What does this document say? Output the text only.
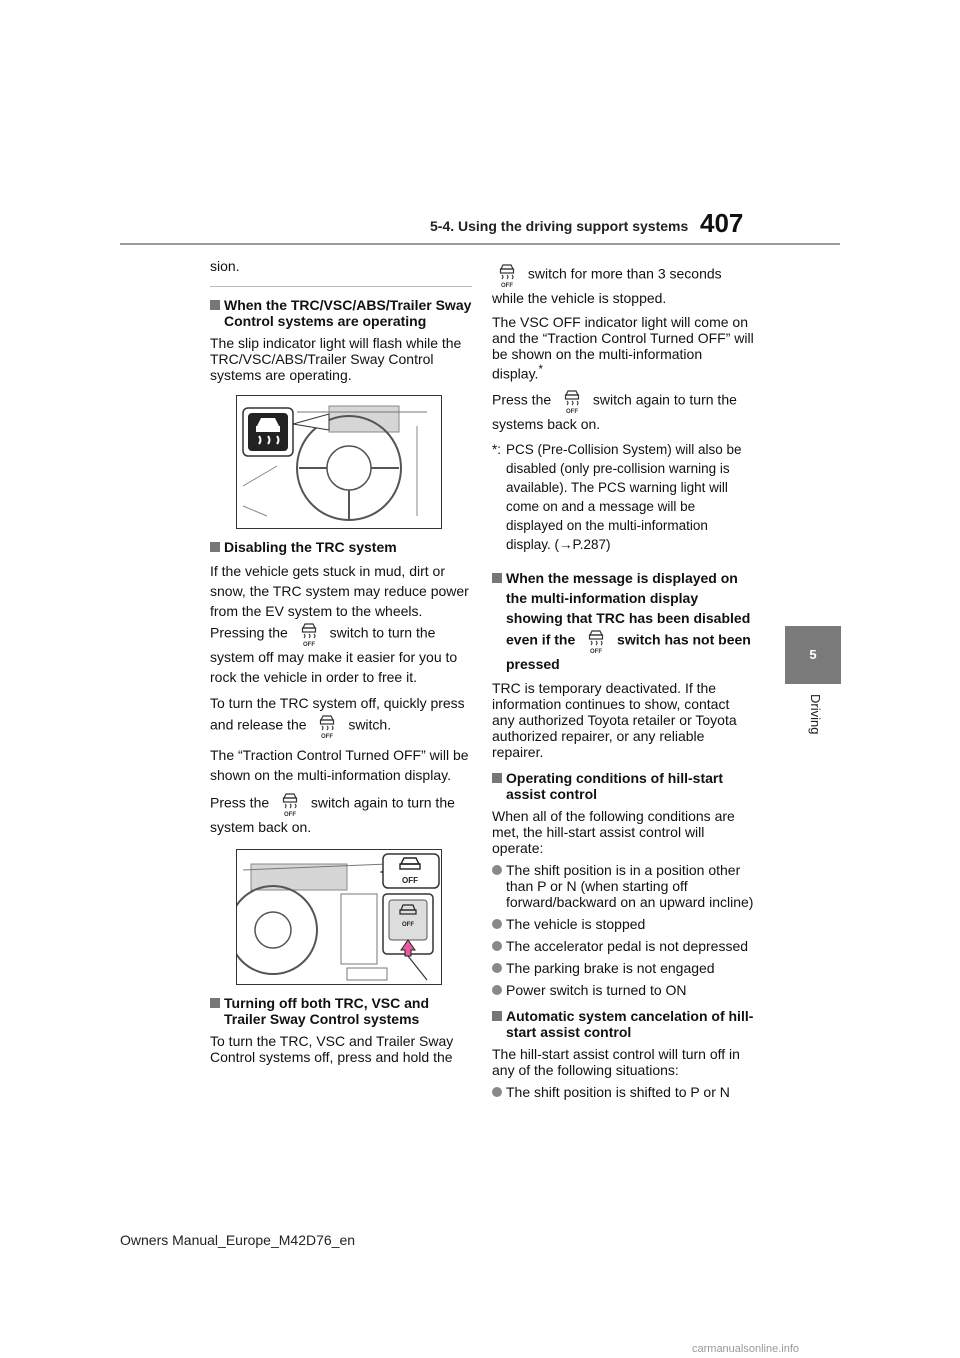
5-4. Using the driving support systems 407
5
Driving

sion.

When the TRC/VSC/ABS/Trailer Sway Control systems are operating

The slip indicator light will flash while the TRC/VSC/ABS/Trailer Sway Control systems are operating.

Disabling the TRC system

If the vehicle gets stuck in mud, dirt or snow, the TRC system may reduce power from the EV system to the wheels. Pressing the
OFF
switch to turn the system off may make it easier for you to rock the vehicle in order to free it.

To turn the TRC system off, quickly press and release the
OFF
switch.

The “Traction Control Turned OFF” will be shown on the multi-information display.

Press the
OFF
switch again to turn the system back on.

OFF
OFF
Turning off both TRC, VSC and Trailer Sway Control systems

To turn the TRC, VSC and Trailer Sway Control systems off, press and hold the

OFF
switch for more than 3 seconds while the vehicle is stopped.

The VSC OFF indicator light will come on and the “Traction Control Turned OFF” will be shown on the multi-information display.*

Press the
OFF
switch again to turn the systems back on.

*: PCS (Pre-Collision System) will also be disabled (only pre-collision warning is available). The PCS warning light will come on and a message will be displayed on the multi-information display. (→P.287)
When the message is displayed on the multi-information display showing that TRC has been disabled even if the
OFF
switch has not been pressed

TRC is temporary deactivated. If the information continues to show, contact any authorized Toyota retailer or Toyota authorized repairer, or any reliable repairer.

Operating conditions of hill-start assist control

When all of the following conditions are met, the hill-start assist control will operate:

The shift position is in a position other than P or N (when starting off forward/backward on an upward incline)
The vehicle is stopped
The accelerator pedal is not depressed
The parking brake is not engaged
Power switch is turned to ON
Automatic system cancelation of hill-start assist control

The hill-start assist control will turn off in any of the following situations:

The shift position is shifted to P or N
Owners Manual_Europe_M42D76_en
carmanualsonline.info
